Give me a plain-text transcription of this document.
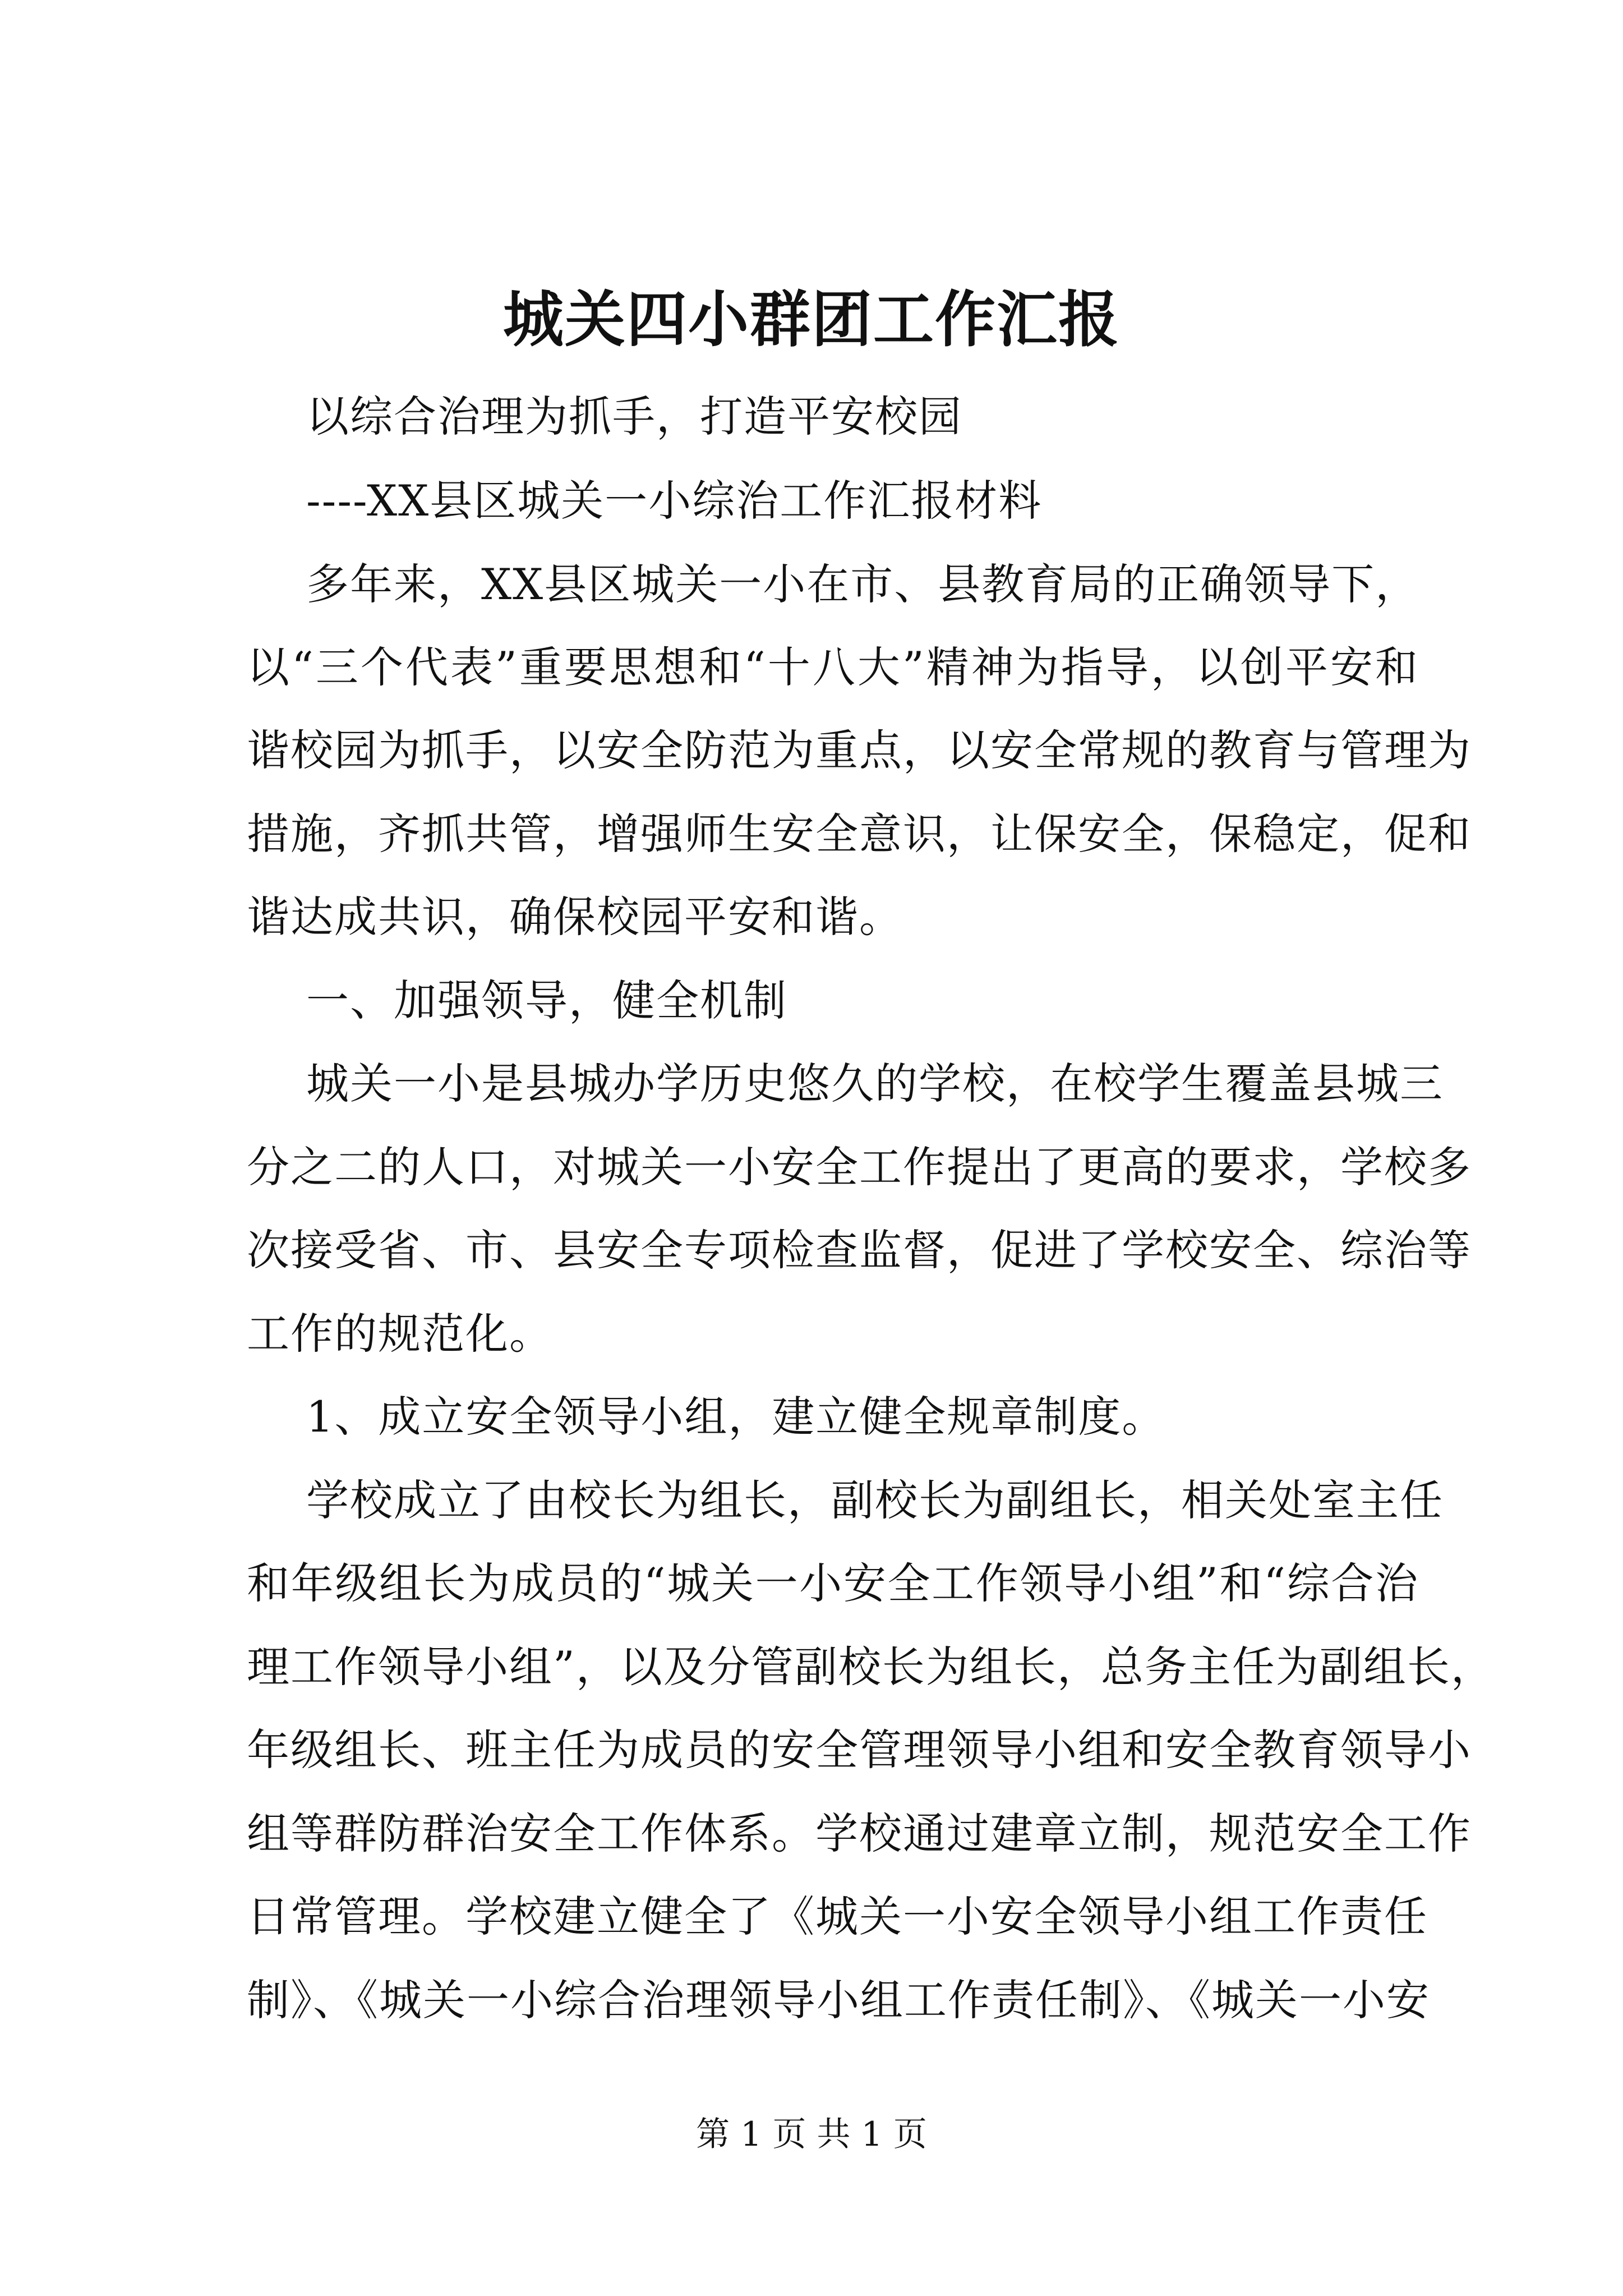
城关四小群团工作汇报
以综合治理为抓手，打造平安校园
----XX县区城关一小综治工作汇报材料
多年来，XX县区城关一小在市、县教育局的正确领导下，
以“三个代表”重要思想和“十八大”精神为指导，以创平安和
谐校园为抓手，以安全防范为重点，以安全常规的教育与管理为
措施，齐抓共管，增强师生安全意识，让保安全，保稳定，促和
谐达成共识，确保校园平安和谐。
一、加强领导，健全机制
城关一小是县城办学历史悠久的学校，在校学生覆盖县城三
分之二的人口，对城关一小安全工作提出了更高的要求，学校多
次接受省、市、县安全专项检查监督，促进了学校安全、综治等
工作的规范化。
1、成立安全领导小组，建立健全规章制度。
学校成立了由校长为组长，副校长为副组长，相关处室主任
和年级组长为成员的“城关一小安全工作领导小组”和“综合治
理工作领导小组”，以及分管副校长为组长，总务主任为副组长，
年级组长、班主任为成员的安全管理领导小组和安全教育领导小
组等群防群治安全工作体系。学校通过建章立制，规范安全工作
日常管理。学校建立健全了《城关一小安全领导小组工作责任
制》、《城关一小综合治理领导小组工作责任制》、《城关一小安
第 1 页 共 1 页
